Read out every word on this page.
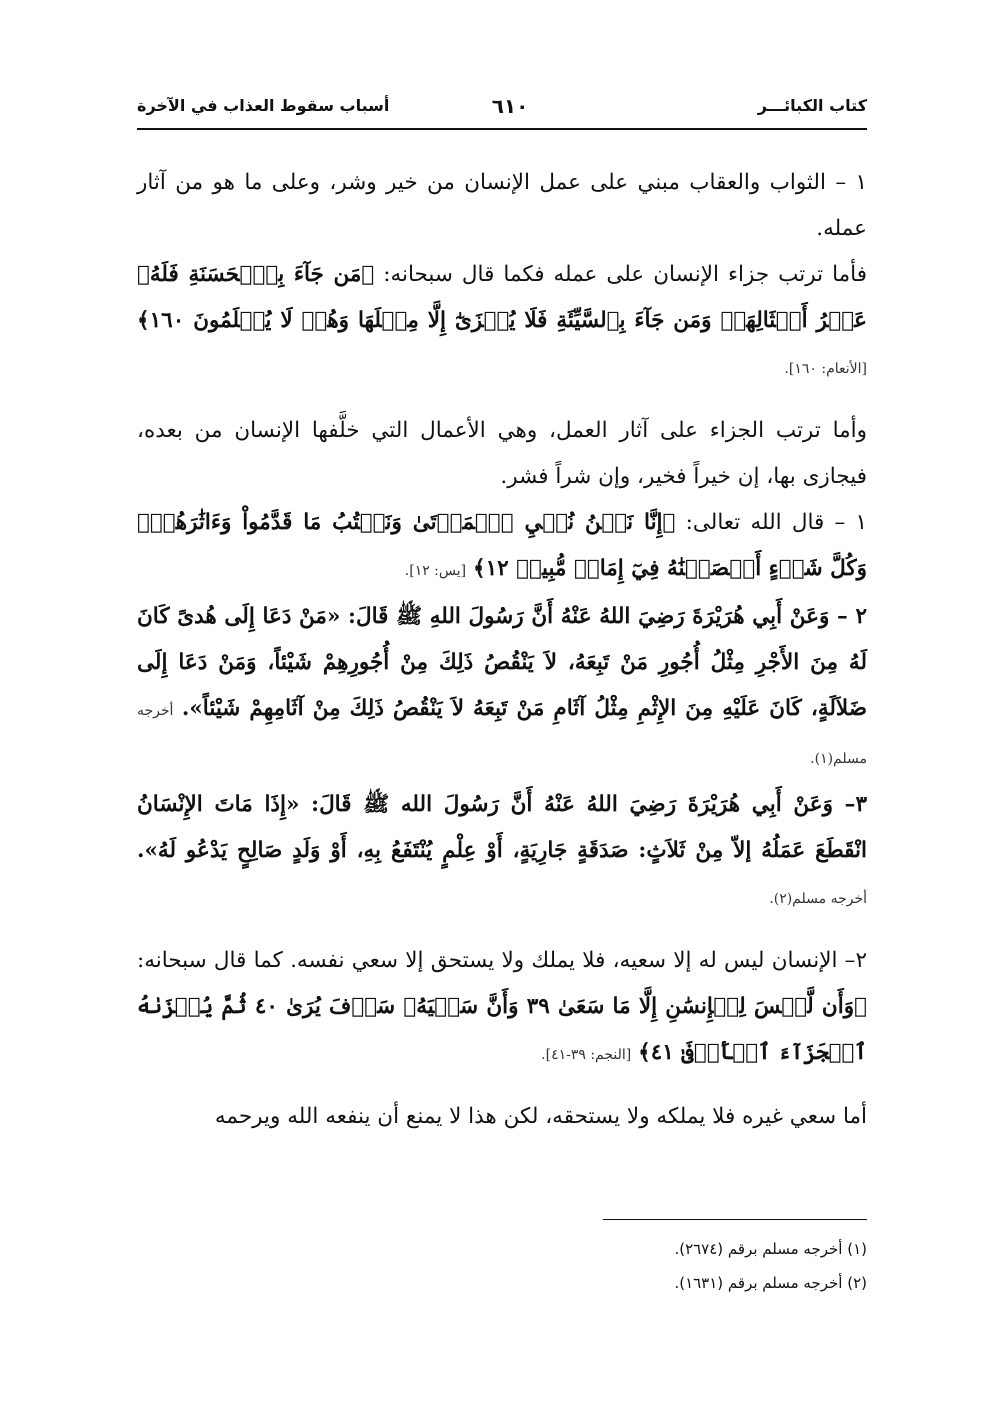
كتاب الكبائـــر
٦١٠
أسباب سقوط العذاب في الآخرة

١ – الثواب والعقاب مبني على عمل الإنسان من خير وشر، وعلى ما هو من آثار عمله.

فأما ترتب جزاء الإنسان على عمله فكما قال سبحانه: ﴿مَن جَآءَ بِٱلۡحَسَنَةِ فَلَهُۥ عَشۡرُ أَمۡثَالِهَاۖ وَمَن جَآءَ بِٱلسَّيِّئَةِ فَلَا يُجۡزَىٰٓ إِلَّا مِثۡلَهَا وَهُمۡ لَا يُظۡلَمُونَ ١٦٠﴾ [الأنعام: ١٦٠].

وأما ترتب الجزاء على آثار العمل، وهي الأعمال التي خلَّفها الإنسان من بعده، فيجازى بها، إن خيراً فخير، وإن شراً فشر.

١ – قال الله تعالى: ﴿إِنَّا نَحۡنُ نُحۡيِ ٱلۡمَوۡتَىٰ وَنَكۡتُبُ مَا قَدَّمُواْ وَءَاثَٰرَهُمۡۚ وَكُلَّ شَيۡءٍ أَحۡصَيۡنَٰهُ فِيٓ إِمَامٖ مُّبِينٖ ١٢﴾ [يس: ١٢].

٢ – وَعَنْ أَبِي هُرَيْرَةَ رَضِيَ اللهُ عَنْهُ أَنَّ رَسُولَ اللهِ ﷺ قَالَ: «مَنْ دَعَا إِلَى هُدىً كَانَ لَهُ مِنَ الأَجْرِ مِثْلُ أُجُورِ مَنْ تَبِعَهُ، لاَ يَنْقُصُ ذَلِكَ مِنْ أُجُورِهِمْ شَيْئاً، وَمَنْ دَعَا إِلَى ضَلاَلَةٍ، كَانَ عَلَيْهِ مِنَ الإِثْمِ مِثْلُ آثَامِ مَنْ تَبِعَهُ لاَ يَنْقُصُ ذَلِكَ مِنْ آثَامِهِمْ شَيْئاً». أخرجه مسلم(١).

٣– وَعَنْ أَبِي هُرَيْرَةَ رَضِيَ اللهُ عَنْهُ أَنَّ رَسُولَ الله ﷺ قَالَ: «إِذَا مَاتَ الإِنْسَانُ انْقَطَعَ عَمَلُهُ إلاّ مِنْ ثَلاَثٍ: صَدَقَةٍ جَارِيَةٍ، أَوْ عِلْمٍ يُنْتَفَعُ بِهِ، أَوْ وَلَدٍ صَالِحٍ يَدْعُو لَهُ». أخرجه مسلم(٢).

٢– الإنسان ليس له إلا سعيه، فلا يملك ولا يستحق إلا سعي نفسه. كما قال سبحانه: ﴿وَأَن لَّيۡسَ لِلۡإِنسَٰنِ إِلَّا مَا سَعَىٰ ٣٩ وَأَنَّ سَعۡيَهُۥ سَوۡفَ يُرَىٰ ٤٠ ثُمَّ يُجۡزَىٰهُ ٱلۡجَزَآءَ ٱلۡأَوۡفَىٰ ٤١﴾ [النجم: ٣٩-٤١].

أما سعي غيره فلا يملكه ولا يستحقه، لكن هذا لا يمنع أن ينفعه الله ويرحمه

(١) أخرجه مسلم برقم (٢٦٧٤).
(٢) أخرجه مسلم برقم (١٦٣١).
